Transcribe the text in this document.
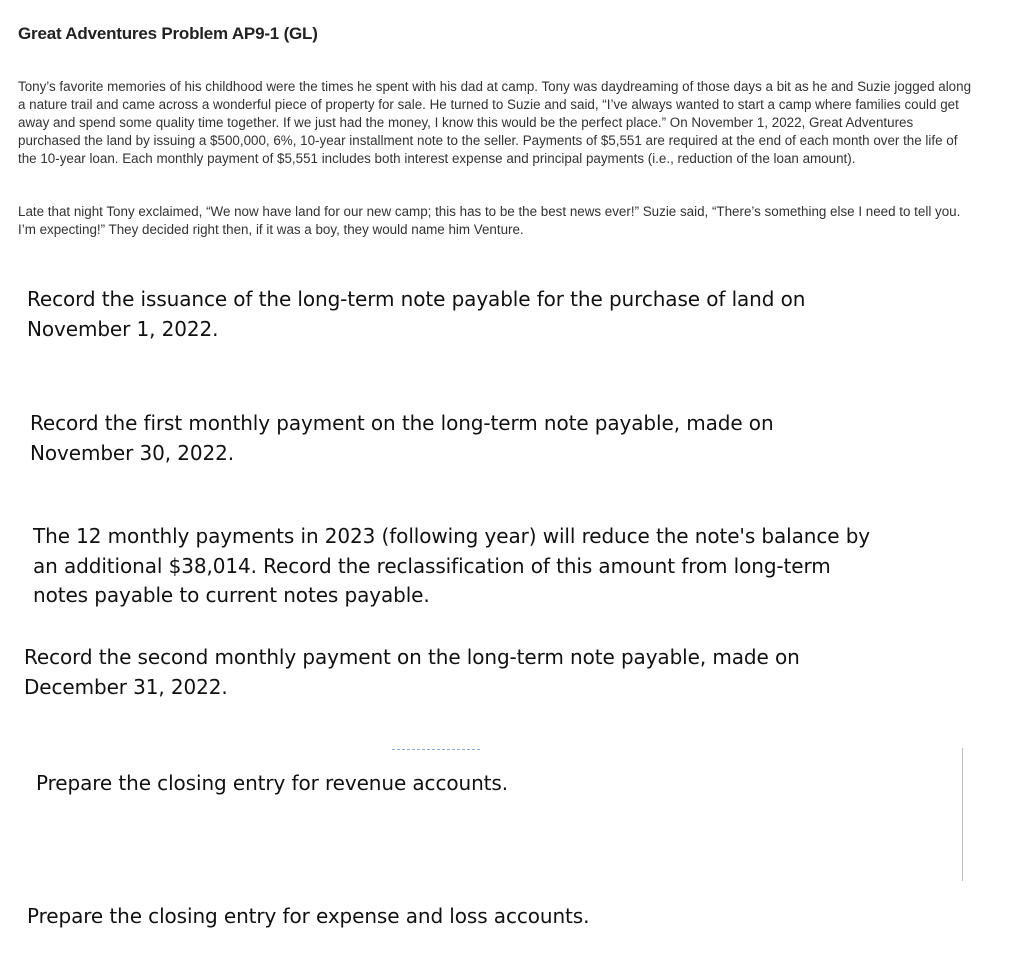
Great Adventures Problem AP9-1 (GL)

Tony’s favorite memories of his childhood were the times he spent with his dad at camp. Tony was daydreaming of those days a bit as he and Suzie jogged along a nature trail and came across a wonderful piece of property for sale. He turned to Suzie and said, “I’ve always wanted to start a camp where families could get away and spend some quality time together. If we just had the money, I know this would be the perfect place.” On November 1, 2022, Great Adventures purchased the land by issuing a $500,000, 6%, 10-year installment note to the seller. Payments of $5,551 are required at the end of each month over the life of the 10-year loan. Each monthly payment of $5,551 includes both interest expense and principal payments (i.e., reduction of the loan amount).

Late that night Tony exclaimed, “We now have land for our new camp; this has to be the best news ever!” Suzie said, “There’s something else I need to tell you. I’m expecting!” They decided right then, if it was a boy, they would name him Venture.

Record the issuance of the long-term note payable for the purchase of land on November 1, 2022.

Record the first monthly payment on the long-term note payable, made on November 30, 2022.

The 12 monthly payments in 2023 (following year) will reduce the note's balance by an additional $38,014. Record the reclassification of this amount from long-term notes payable to current notes payable.

Record the second monthly payment on the long-term note payable, made on December 31, 2022.

Prepare the closing entry for revenue accounts.

Prepare the closing entry for expense and loss accounts.
